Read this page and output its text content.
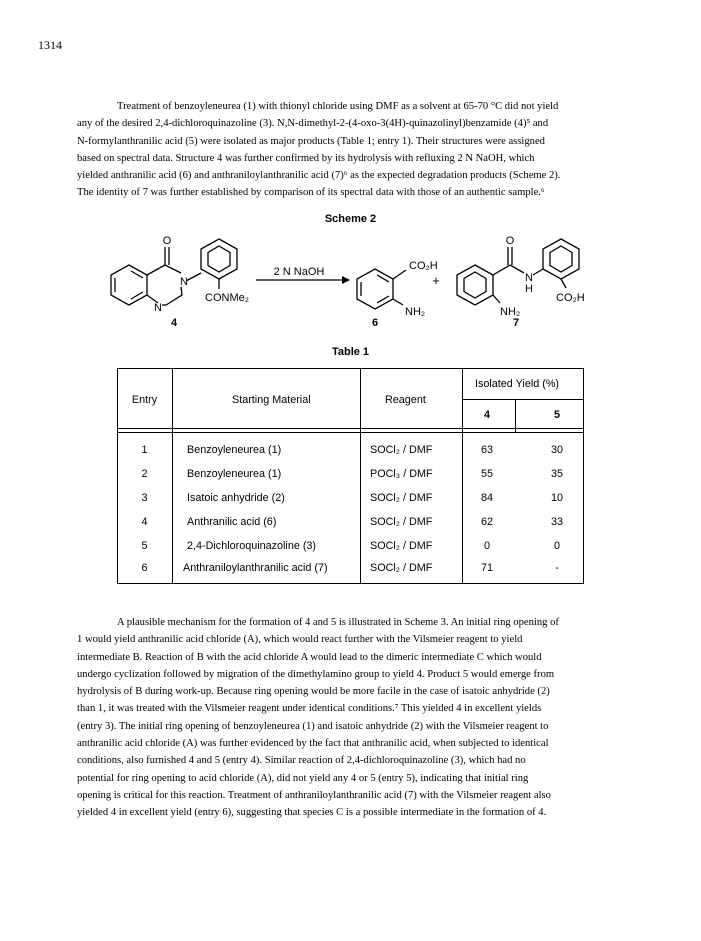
1314

Treatment of benzoyleneurea (1) with thionyl chloride using DMF as a solvent at 65-70 °C did not yield

any of the desired 2,4-dichloroquinazoline (3). N,N-dimethyl-2-(4-oxo-3(4H)-quinazolinyl)benzamide (4)⁵ and

N-formylanthranilic acid (5) were isolated as major products (Table 1; entry 1). Their structures were assigned

based on spectral data. Structure 4 was further confirmed by its hydrolysis with refluxing 2 N NaOH, which

yielded anthranilic acid (6) and anthraniloylanthranilic acid (7)⁶ as the expected degradation products (Scheme 2).

The identity of 7 was further established by comparison of its spectral data with those of an authentic sample.⁶

Scheme 2
O
N
N
CONMe₂
4
2 N NaOH	CO₂H
NH₂
6
+
O
N
H
NH₂
CO₂H
7
Table 1
Entry	Starting Material	Reagent
Isolated Yield (%)
4	5
1	Benzoyleneurea (1)	SOCl₂ / DMF	63	30
2	Benzoyleneurea (1)	POCl₃ / DMF	55	35
3	Isatoic anhydride (2)	SOCl₂ / DMF	84	10
4	Anthranilic acid (6)	SOCl₂ / DMF	62	33
5	2,4-Dichloroquinazoline (3)	SOCl₂ / DMF	0	0
6	Anthraniloylanthranilic acid (7)	SOCl₂ / DMF	71	-

A plausible mechanism for the formation of 4 and 5 is illustrated in Scheme 3. An initial ring opening of

1 would yield anthranilic acid chloride (A), which would react further with the Vilsmeier reagent to yield

intermediate B. Reaction of B with the acid chloride A would lead to the dimeric intermediate C which would

undergo cyclization followed by migration of the dimethylamino group to yield 4. Product 5 would emerge from

hydrolysis of B during work-up. Because ring opening would be more facile in the case of isatoic anhydride (2)

than 1, it was treated with the Vilsmeier reagent under identical conditions.⁷ This yielded 4 in excellent yields

(entry 3). The initial ring opening of benzoyleneurea (1) and isatoic anhydride (2) with the Vilsmeier reagent to

anthranilic acid chloride (A) was further evidenced by the fact that anthranilic acid, when subjected to identical

conditions, also furnished 4 and 5 (entry 4). Similar reaction of 2,4-dichloroquinazoline (3), which had no

potential for ring opening to acid chloride (A), did not yield any 4 or 5 (entry 5), indicating that initial ring

opening is critical for this reaction. Treatment of anthraniloylanthranilic acid (7) with the Vilsmeier reagent also

yielded 4 in excellent yield (entry 6), suggesting that species C is a possible intermediate in the formation of 4.
